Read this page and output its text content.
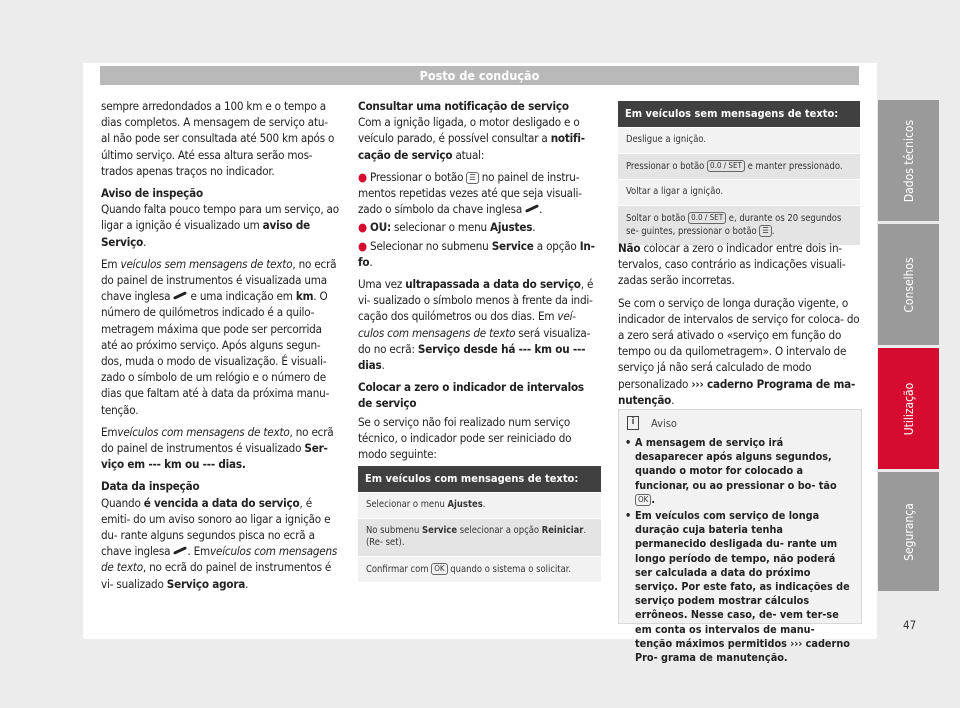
Posto de condução

sempre arredondados a 100 km e o tempo a dias completos. A mensagem de serviço atu- al não pode ser consultada até 500 km após o último serviço. Até essa altura serão mos- trados apenas traços no indicador.

Aviso de inspeção

Quando falta pouco tempo para um serviço, ao ligar a ignição é visualizado um aviso de Serviço.

Em veículos sem mensagens de texto, no ecrã do painel de instrumentos é visualizada uma chave inglesa  e uma indicação em km. O número de quilómetros indicado é a quilo- metragem máxima que pode ser percorrida até ao próximo serviço. Após alguns segun- dos, muda o modo de visualização. É visuali- zado o símbolo de um relógio e o número de dias que faltam até à data da próxima manu- tenção.

Emveículos com mensagens de texto, no ecrã do painel de instrumentos é visualizado Ser- viço em --- km ou --- dias.

Data da inspeção

Quando é vencida a data do serviço, é emiti- do um aviso sonoro ao ligar a ignição e du- rante alguns segundos pisca no ecrã a chave inglesa . Emveículos com mensagens de texto, no ecrã do painel de instrumentos é vi- sualizado Serviço agora.

Consultar uma notificação de serviço

Com a ignição ligada, o motor desligado e o veículo parado, é possível consultar a notifi- cação de serviço atual:

● Pressionar o botão ☰ no painel de instru- mentos repetidas vezes até que seja visuali- zado o símbolo da chave inglesa .

● OU: selecionar o menu Ajustes.

● Selecionar no submenu Service a opção In- fo.

Uma vez ultrapassada a data do serviço, é vi- sualizado o símbolo menos à frente da indi- cação dos quilómetros ou dos dias. Em veí- culos com mensagens de texto será visualiza- do no ecrã: Serviço desde há --- km ou --- dias.

Colocar a zero o indicador de intervalos de serviço

Se o serviço não foi realizado num serviço técnico, o indicador pode ser reiniciado do modo seguinte:

Em veículos com mensagens de texto:
Selecionar o menu Ajustes.
No submenu Service selecionar a opção Reiniciar.(Re- set).
Confirmar com OK quando o sistema o solicitar.
Em veículos sem mensagens de texto:
Desligue a ignição.
Pressionar o botão 0.0 / SET e manter pressionado.
Voltar a ligar a ignição.
Soltar o botão 0.0 / SET e, durante os 20 segundos se- guintes, pressionar o botão ☰ .

Não colocar a zero o indicador entre dois in- tervalos, caso contrário as indicações visuali- zadas serão incorretas.

Se com o serviço de longa duração vigente, o indicador de intervalos de serviço for coloca- do a zero será ativado o «serviço em função do tempo ou da quilometragem». O intervalo de serviço já não será calculado de modo personalizado ››› caderno Programa de ma- nutenção.

i	Aviso
• A mensagem de serviço irá desaparecer após alguns segundos, quando o motor for colocado a funcionar, ou ao pressionar o bo- tão OK .
• Em veículos com serviço de longa duração cuja bateria tenha permanecido desligada du- rante um longo período de tempo, não poderá ser calculada a data do próximo serviço. Por este fato, as indicações de serviço podem mostrar cálculos errôneos. Nesse caso, de- vem ter-se em conta os intervalos de manu- tenção máximos permitidos ››› caderno Pro- grama de manutenção.
Dados técnicos
Conselhos
Utilização
Segurança
47
